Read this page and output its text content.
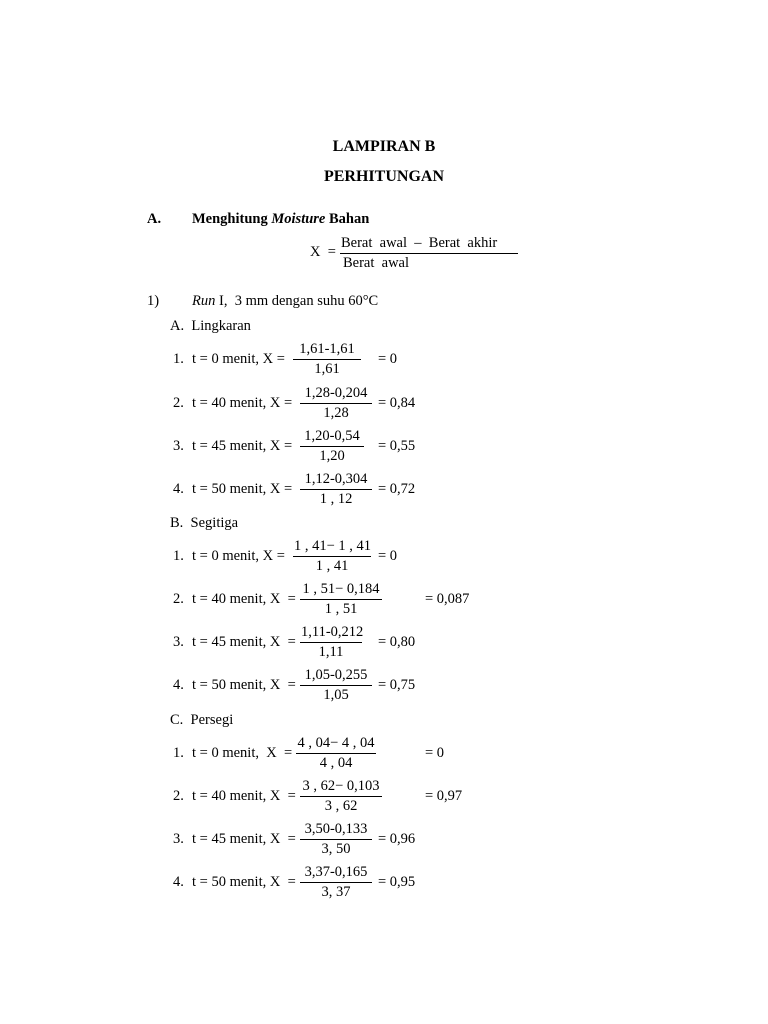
LAMPIRAN B
PERHITUNGAN
A. Menghitung Moisture Bahan
X =
Berat  awal  –  Berat  akhir
Berat  awal
1) Run I,  3 mm dengan suhu 60°C
A.  Lingkaran
1. t = 0 menit, $X = \frac{1,61-1,61}{1,61} = 0$
2. t = 40 menit, $X = \frac{1,28-0,204}{1,28} = 0,84$
3. t = 45 menit, $X = \frac{1,20-0,54}{1,20} = 0,55$
4. t = 50 menit, $X = \frac{1,12-0,304}{1 , 12} = 0,72$
B.  Segitiga
1. t = 0 menit, $X = \frac{1 , 41- 1 , 41}{1 , 41} = 0$
2. t = 40 menit, $X = \frac{1 , 51- 0,184}{1 , 51}$	= 0,087
3. t = 45 menit, $X = \frac{1,11-0,212}{1,11} = 0,80$
4. t = 50 menit, $X = \frac{1,05-0,255}{1,05} = 0,75$
C.  Persegi
1. t = 0 menit,  $X = \frac{4 , 04- 4 , 04}{4 , 04}$	= 0
2. t = 40 menit, $X = \frac{3 , 62- 0,103}{3 , 62}$	= 0,97
3. t = 45 menit, $X = \frac{3,50-0,133}{3, 50} = 0,96$
4. t = 50 menit, $X = \frac{3,37-0,165}{3, 37} = 0,95$
